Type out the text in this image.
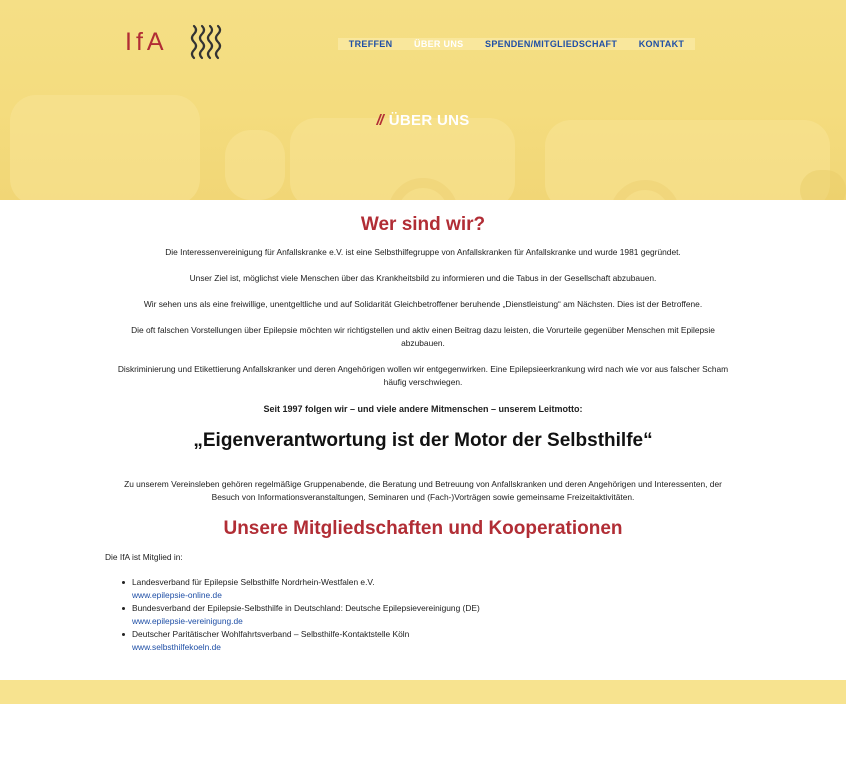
IfA	TREFFEN ÜBER UNS SPENDEN/MITGLIEDSCHAFT KONTAKT
// ÜBER UNS
Wer sind wir?

Die Interessenvereinigung für Anfallskranke e.V. ist eine Selbsthilfegruppe von Anfallskranken für Anfallskranke und wurde 1981 gegründet.

Unser Ziel ist, möglichst viele Menschen über das Krankheitsbild zu informieren und die Tabus in der Gesellschaft abzubauen.

Wir sehen uns als eine freiwillige, unentgeltliche und auf Solidarität Gleichbetroffener beruhende „Dienstleistung“ am Nächsten. Dies ist der Betroffene.

Die oft falschen Vorstellungen über Epilepsie möchten wir richtigstellen und aktiv einen Beitrag dazu leisten, die Vorurteile gegenüber Menschen mit Epilepsie abzubauen.

Diskriminierung und Etikettierung Anfallskranker und deren Angehörigen wollen wir entgegenwirken. Eine Epilepsieerkrankung wird nach wie vor aus falscher Scham häufig verschwiegen.

Seit 1997 folgen wir – und viele andere Mitmenschen – unserem Leitmotto:

„Eigenverantwortung ist der Motor der Selbsthilfe“

Zu unserem Vereinsleben gehören regelmäßige Gruppenabende, die Beratung und Betreuung von Anfallskranken und deren Angehörigen und Interessenten, der Besuch von Informationsveranstaltungen, Seminaren und (Fach-)Vorträgen sowie gemeinsame Freizeitaktivitäten.

Unsere Mitgliedschaften und Kooperationen

Die IfA ist Mitglied in:

Landesverband für Epilepsie Selbsthilfe Nordrhein-Westfalen e.V.
www.epilepsie-online.de
Bundesverband der Epilepsie-Selbsthilfe in Deutschland: Deutsche Epilepsievereinigung (DE)
www.epilepsie-vereinigung.de
Deutscher Paritätischer Wohlfahrtsverband – Selbsthilfe-Kontaktstelle Köln
www.selbsthilfekoeln.de
